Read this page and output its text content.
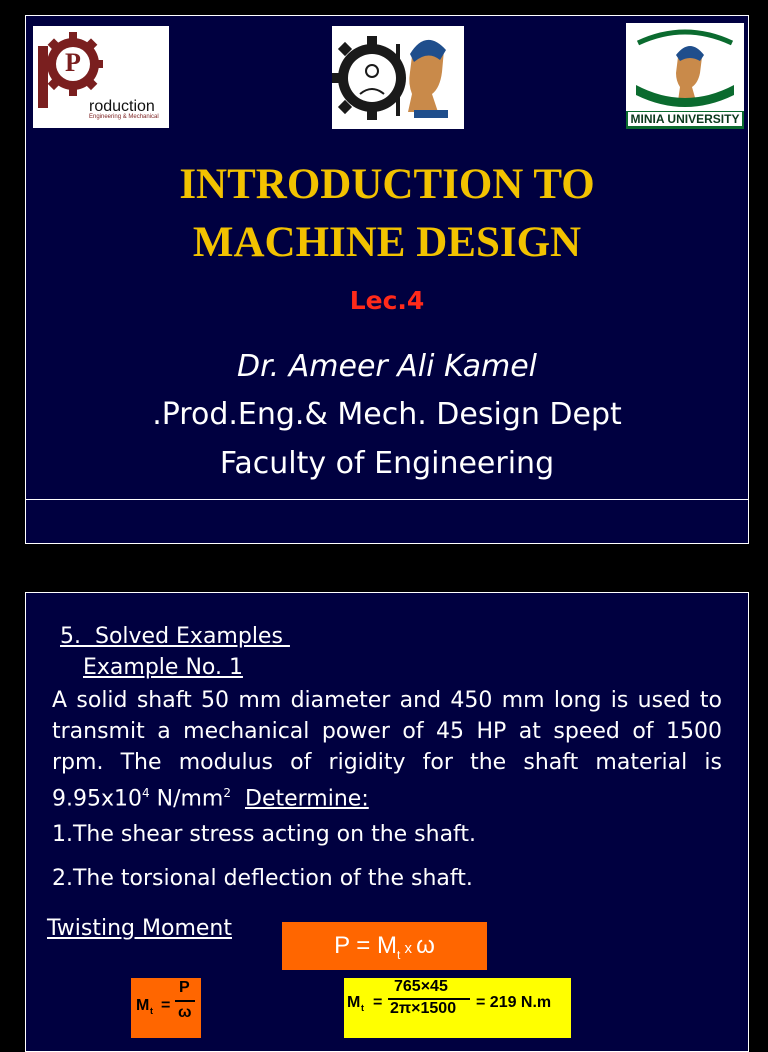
P
roduction
Engineering & Mechanical	MINIA UNIVERSITY
INTRODUCTION TO
MACHINE DESIGN
Lec.4
Dr. Ameer Ali Kamel
.Prod.Eng.& Mech. Design Dept
Faculty of Engineering
5.  Solved Examples
Example No. 1
A solid shaft 50 mm diameter and 450 mm long is used to transmit a mechanical power of 45 HP at speed of 1500 rpm. The modulus of rigidity for the shaft material is $9.95x10^4$ $N/mm^2$ Determine:
1.The shear stress acting on the shaft.
2.The torsional deflection of the shaft.
Twisting Moment
$P = M_t$ x ω
M t =
P
ω
M t =
765×45
2π×1500 = 219 N.m
